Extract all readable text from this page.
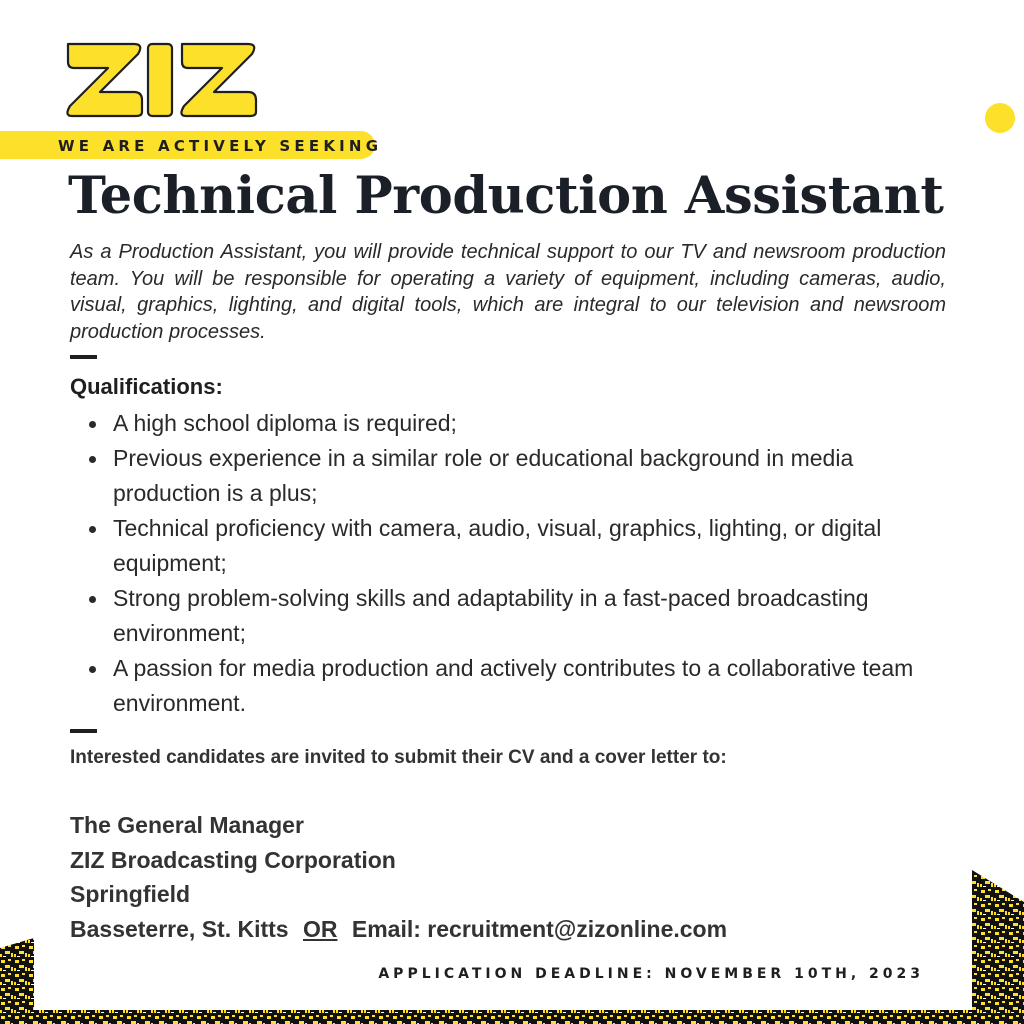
WE ARE ACTIVELY SEEKING
Technical Production Assistant

As a Production Assistant, you will provide technical support to our TV and newsroom production team. You will be responsible for operating a variety of equipment, including cameras, audio, visual, graphics, lighting, and digital tools, which are integral to our television and newsroom production processes.

Qualifications:
A high school diploma is required;
Previous experience in a similar role or educational background in media production is a plus;
Technical proficiency with camera, audio, visual, graphics, lighting, or digital equipment;
Strong problem-solving skills and adaptability in a fast-paced broadcasting environment;
A passion for media production and actively contributes to a collaborative team environment.

Interested candidates are invited to submit their CV and a cover letter to:

The General Manager
ZIZ Broadcasting Corporation
Springfield
Basseterre, St. Kitts OR Email: recruitment@zizonline.com

APPLICATION DEADLINE: NOVEMBER 10TH, 2023
